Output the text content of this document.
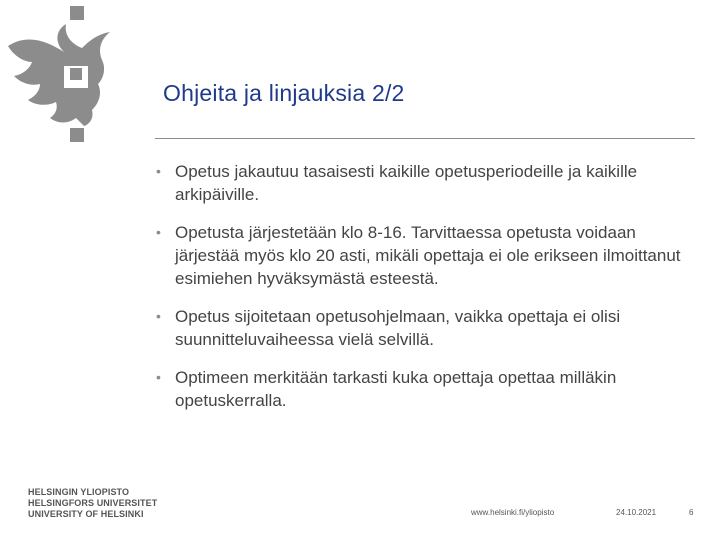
Ohjeita ja linjauksia 2/2
• Opetus jakautuu tasaisesti kaikille opetusperiodeille ja kaikille arkipäiville.
• Opetusta järjestetään klo 8-16. Tarvittaessa opetusta voidaan järjestää myös klo 20 asti, mikäli opettaja ei ole erikseen ilmoittanut esimiehen hyväksymästä esteestä.
• Opetus sijoitetaan opetusohjelmaan, vaikka opettaja ei olisi suunnitteluvaiheessa vielä selvillä.
• Optimeen merkitään tarkasti kuka opettaja opettaa milläkin opetuskerralla.
HELSINGIN YLIOPISTO
HELSINGFORS UNIVERSITET
UNIVERSITY OF HELSINKI	www.helsinki.fi/yliopisto	24.10.2021	6
